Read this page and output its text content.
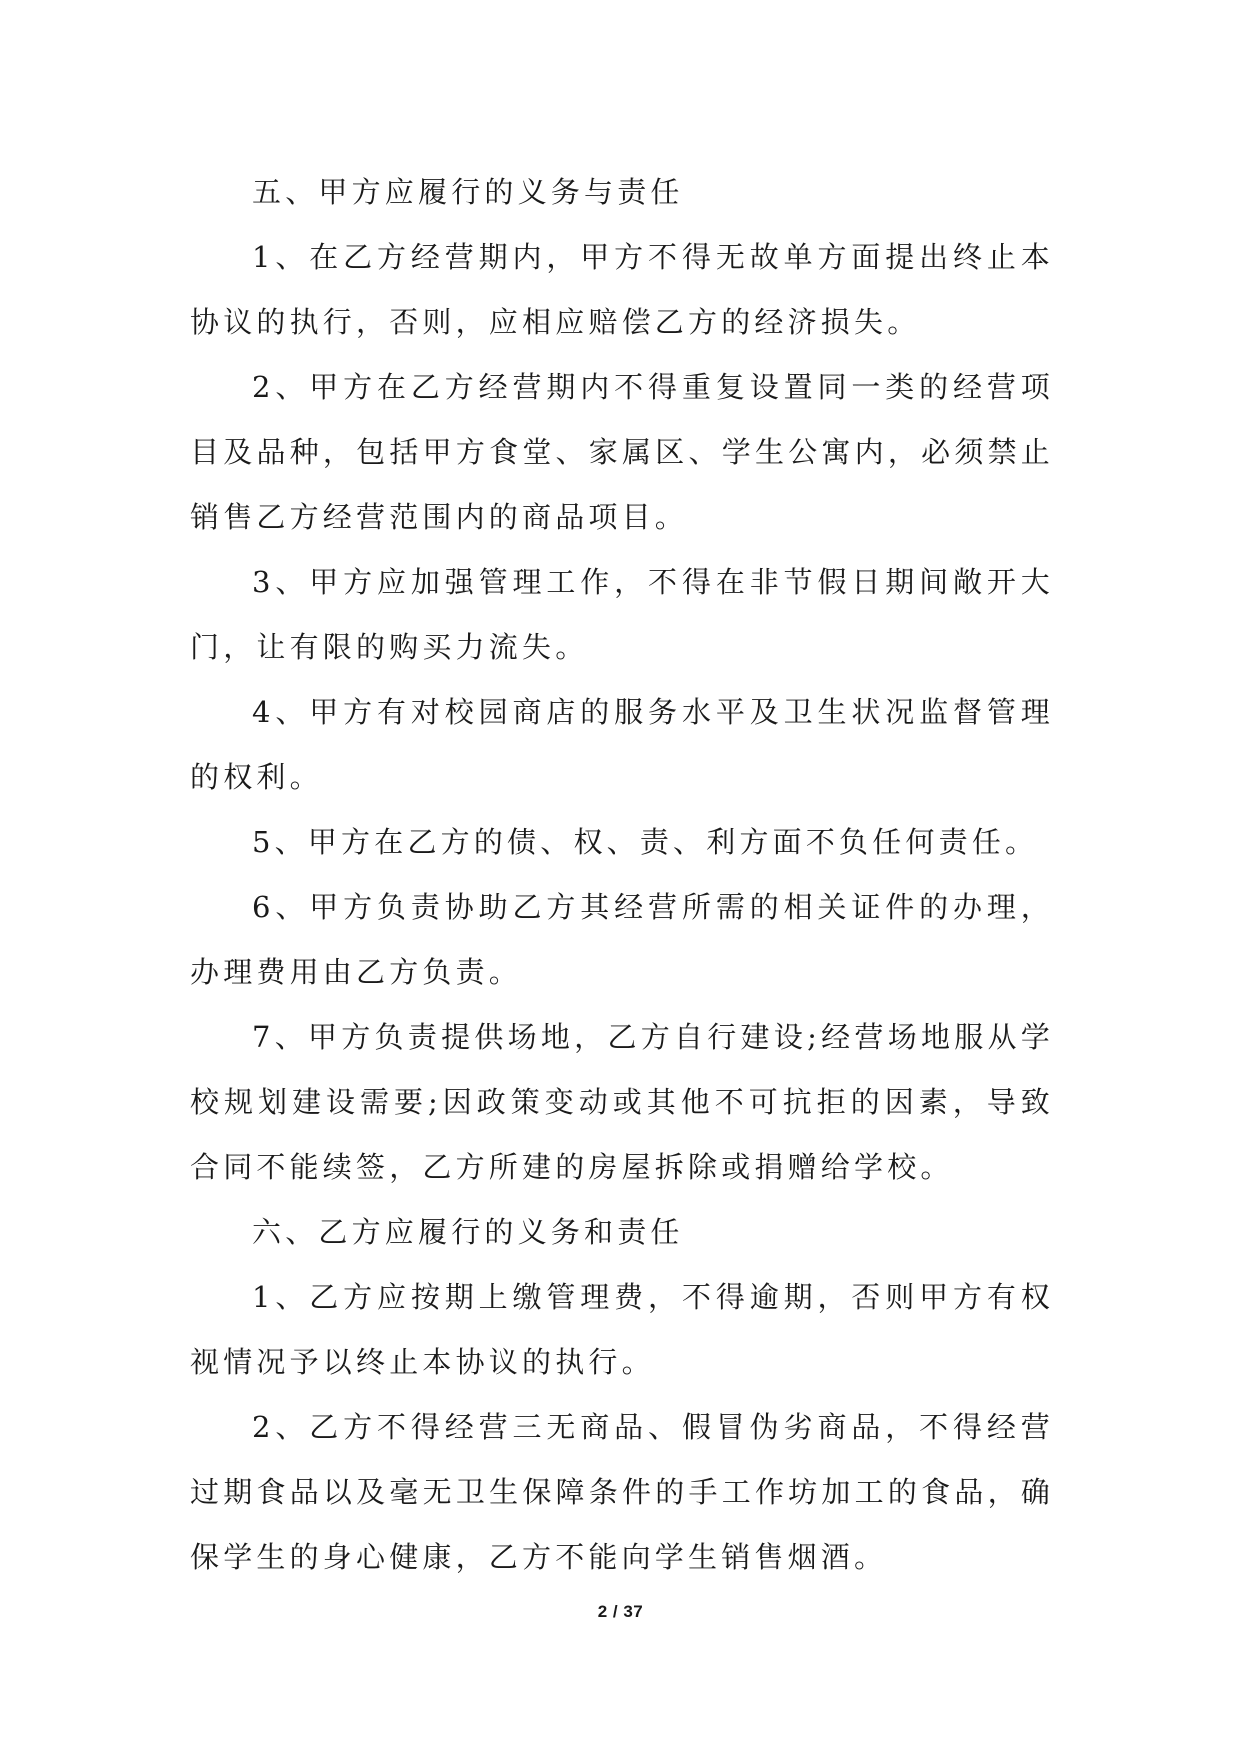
五、甲方应履行的义务与责任

1、在乙方经营期内，甲方不得无故单方面提出终止本协议的执行，否则，应相应赔偿乙方的经济损失。

2、甲方在乙方经营期内不得重复设置同一类的经营项目及品种，包括甲方食堂、家属区、学生公寓内，必须禁止销售乙方经营范围内的商品项目。

3、甲方应加强管理工作，不得在非节假日期间敞开大门，让有限的购买力流失。

4、甲方有对校园商店的服务水平及卫生状况监督管理的权利。

5、甲方在乙方的债、权、责、利方面不负任何责任。

6、甲方负责协助乙方其经营所需的相关证件的办理，办理费用由乙方负责。

7、甲方负责提供场地，乙方自行建设;经营场地服从学校规划建设需要;因政策变动或其他不可抗拒的因素，导致合同不能续签，乙方所建的房屋拆除或捐赠给学校。

六、乙方应履行的义务和责任

1、乙方应按期上缴管理费，不得逾期，否则甲方有权视情况予以终止本协议的执行。

2、乙方不得经营三无商品、假冒伪劣商品，不得经营过期食品以及毫无卫生保障条件的手工作坊加工的食品，确保学生的身心健康，乙方不能向学生销售烟酒。

2 / 37
